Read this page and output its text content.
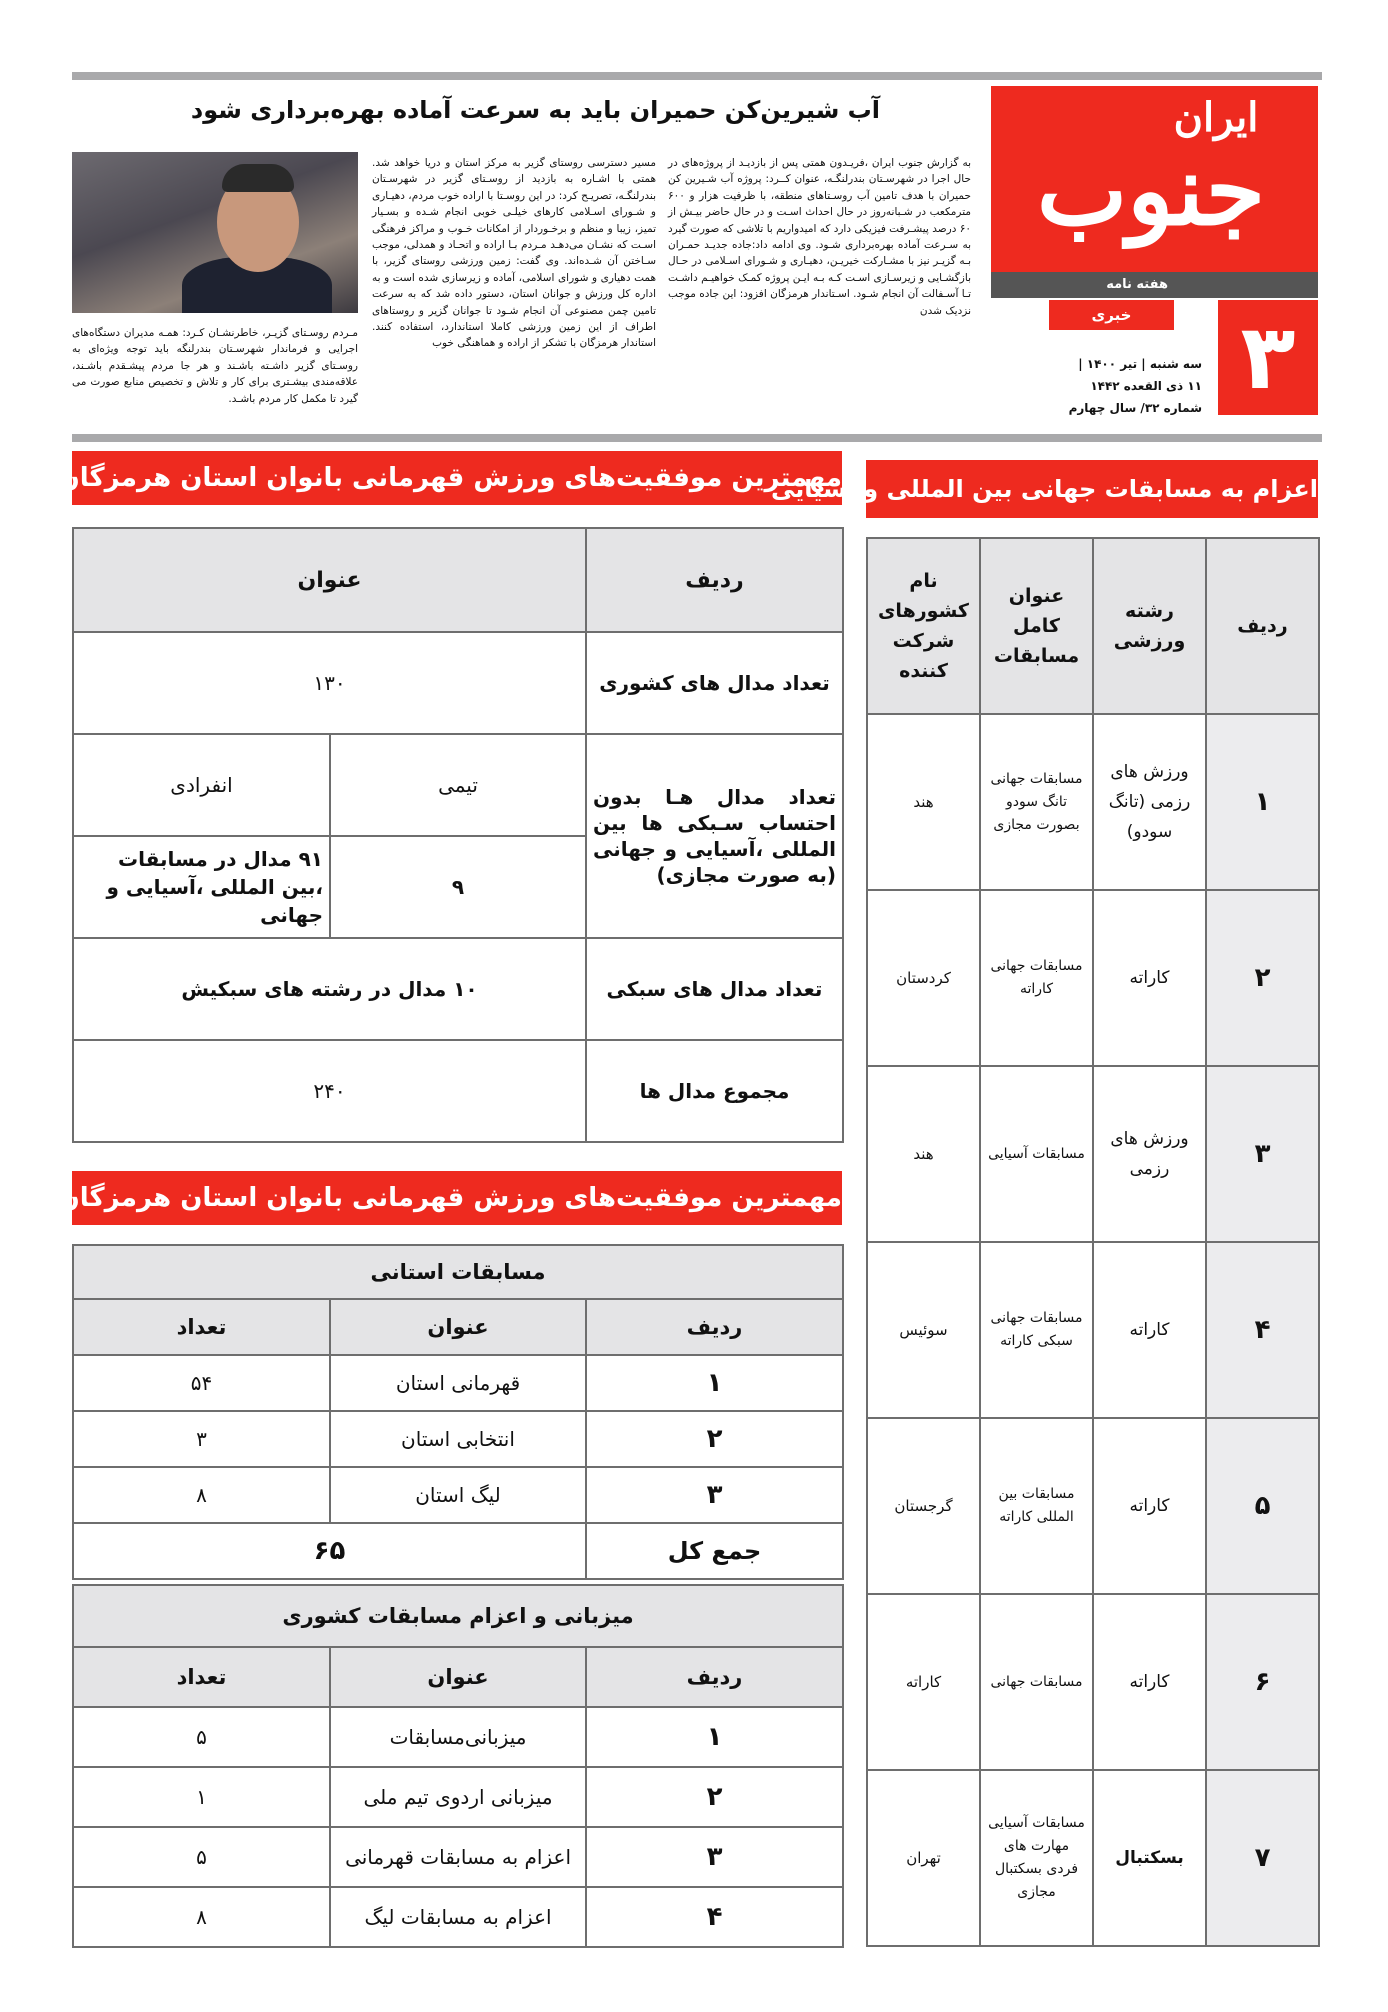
ایران
جنوب
هفته نامه
خبری	۳
سه شنبه | تیر ۱۴۰۰ |
۱۱ ذی القعده ۱۴۴۲
شماره ۳۲/ سال چهارم
آب شیرین‌کن حمیران باید به سرعت آماده بهره‌برداری شود

به گزارش جنوب ایران ،فریـدون همتی پس از بازدیـد از پروژه‌های در حال اجرا در شهرسـتان بندرلنگـه، عنوان کــرد: پروژه آب شـیرین کن حمیران با هدف تامین آب روسـتاهای منطقه، با ظرفیت هزار و ۶۰۰ مترمکعب در شـبانه‌روز در حال احداث اسـت و در حال حاضر بیـش از ۶۰ درصد پیشـرفت فیزیکی دارد که امیدواریم با تلاشی که صورت گیرد به سـرعت آماده بهره‌برداری شـود. وی ادامه داد:جاده جدیـد حمـران بـه گزیـر نیز با مشـارکت خیریـن، دهیـاری و شـورای اسـلامی در حـال بازگشـایی و زیرسـازی اسـت کـه بـه ایـن پروژه کمـک خواهیـم داشـت تـا آسـفالت آن انجام شـود. اسـتاندار هرمزگان افزود: این جاده موجب نزدیک شدن

مسیر دسترسی روستای گزیر به مرکز استان و دریا خواهد شد. همتی با اشـاره به بازدید از روسـتای گزیر در شهرسـتان بندرلنگـه، تصریـح کرد: در این روسـتا با اراده خوب مردم، دهیـاری و شـورای اسـلامی کارهای خیلـی خوبی انجام شـده و بسـیار تمیز، زیبا و منظم و برخـوردار از امکانات خـوب و مراکز فرهنگی اسـت که نشـان می‌دهـد مـردم بـا اراده و اتحـاد و همدلی، موجب سـاختن آن شـده‌اند. وی گفت: زمین ورزشی روستای گزیر، با همت دهیاری و شورای اسلامی، آماده و زیرسازی شده است و به اداره کل ورزش و جوانان استان، دستور داده شد که به سرعت تامین چمن مصنوعی آن انجام شـود تا جوانان گزیر و روستاهای اطراف از این زمین ورزشی کاملا استاندارد، استفاده کنند. استاندار هرمزگان با تشکر از اراده و هماهنگی خوب

مـردم روسـتای گزیـر، خاطرنشـان کـرد: همـه مدیران دستگاه‌های اجرایی و فرماندار شهرسـتان بندرلنگه باید توجه ویژه‌ای به روسـتای گزیر داشـته باشـند و هر جا مردم پیشـقدم باشـند، علاقه‌مندی بیشـتری برای کار و تلاش و تخصیص منابع صورت می گیرد تا مکمل کار مردم باشـد.

مهمترین موفقیت‌های ورزش قهرمانی بانوان استان هرمزگان
ردیف	عنوان	
تعداد مدال های کشوری	۱۳۰	
تعداد مدال هـا بدون احتساب سـبکی ها بین المللی ،آسیایی و جهانی (به صورت مجازی)	تیمی	انفرادی
	۹	۹۱ مدال در مسابقات ،بین المللی ،آسیایی و جهانی
تعداد مدال های سبکی	۱۰ مدال در رشته های سبکیش	
مجموع مدال ها	۲۴۰	
مهمترین موفقیت‌های ورزش قهرمانی بانوان استان هرمزگان
مسابقات استانی		
ردیف	عنوان	تعداد
۱	قهرمانی استان	۵۴
۲	انتخابی استان	۳
۳	لیگ استان	۸
جمع کل	۶۵	
میزبانی و اعزام مسابقات کشوری		
ردیف	عنوان	تعداد
۱	میزبانی‌مسابقات	۵
۲	میزبانی اردوی تیم ملی	۱
۳	اعزام به مسابقات قهرمانی	۵
۴	اعزام به مسابقات لیگ	۸
اعزام به مسابقات جهانی بین المللی و آسیایی
ردیف	رشته ورزشی	عنوان کامل مسابقات	نام کشورهای شرکت کننده
۱	ورزش های رزمی (تانگ سودو)	مسابقات جهانی تانگ سودو بصورت مجازی	هند
۲	کاراته	مسابقات جهانی کاراته	کردستان
۳	ورزش های رزمی	مسابقات آسیایی	هند
۴	کاراته	مسابقات جهانی سبکی کاراته	سوئیس
۵	کاراته	مسابقات بین المللی کاراته	گرجستان
۶	کاراته	مسابقات جهانی	کاراته
۷	بسکتبال	مسابقات آسیایی مهارت های فردی بسکتبال مجازی	تهران
